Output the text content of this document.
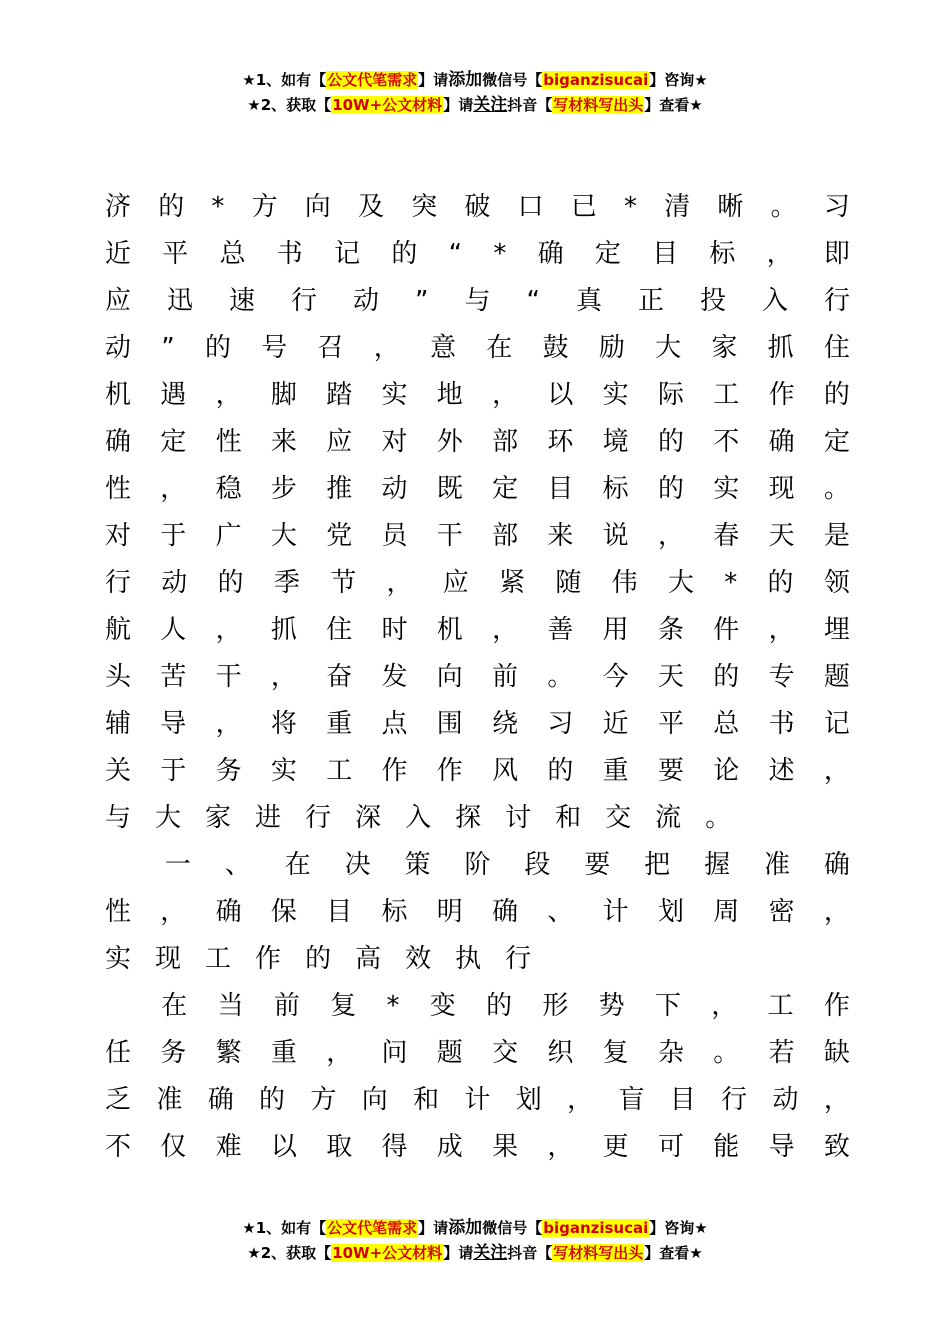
★1、如有【公文代笔需求】请添加微信号【biganzisucai】咨询★
★2、获取【10W+公文材料】请关注抖音【写材料写出头】查看★
济 的 * 方 向 及 突 破 口 已 * 清 晰 。 习
近 平 总 书 记 的 “ * 确 定 目 标 ， 即
应 迅 速 行 动 ” 与 “ 真 正 投 入 行
动 ” 的 号 召 ， 意 在 鼓 励 大 家 抓 住
机 遇 ， 脚 踏 实 地 ， 以 实 际 工 作 的
确 定 性 来 应 对 外 部 环 境 的 不 确 定
性 ， 稳 步 推 动 既 定 目 标 的 实 现 。
对 于 广 大 党 员 干 部 来 说 ， 春 天 是
行 动 的 季 节 ， 应 紧 随 伟 大 * 的 领
航 人 ， 抓 住 时 机 ， 善 用 条 件 ， 埋
头 苦 干 ， 奋 发 向 前 。 今 天 的 专 题
辅 导 ， 将 重 点 围 绕 习 近 平 总 书 记
关 于 务 实 工 作 作 风 的 重 要 论 述 ，
与 大 家 进 行 深 入 探 讨 和 交 流 。

一 、 在 决 策 阶 段 要 把 握 准 确
性 ， 确 保 目 标 明 确 、 计 划 周 密 ，
实 现 工 作 的 高 效 执 行

在 当 前 复 * 变 的 形 势 下 ， 工 作
任 务 繁 重 ， 问 题 交 织 复 杂 。 若 缺
乏 准 确 的 方 向 和 计 划 ， 盲 目 行 动 ，
不 仅 难 以 取 得 成 果 ， 更 可 能 导 致
★1、如有【公文代笔需求】请添加微信号【biganzisucai】咨询★
★2、获取【10W+公文材料】请关注抖音【写材料写出头】查看★
